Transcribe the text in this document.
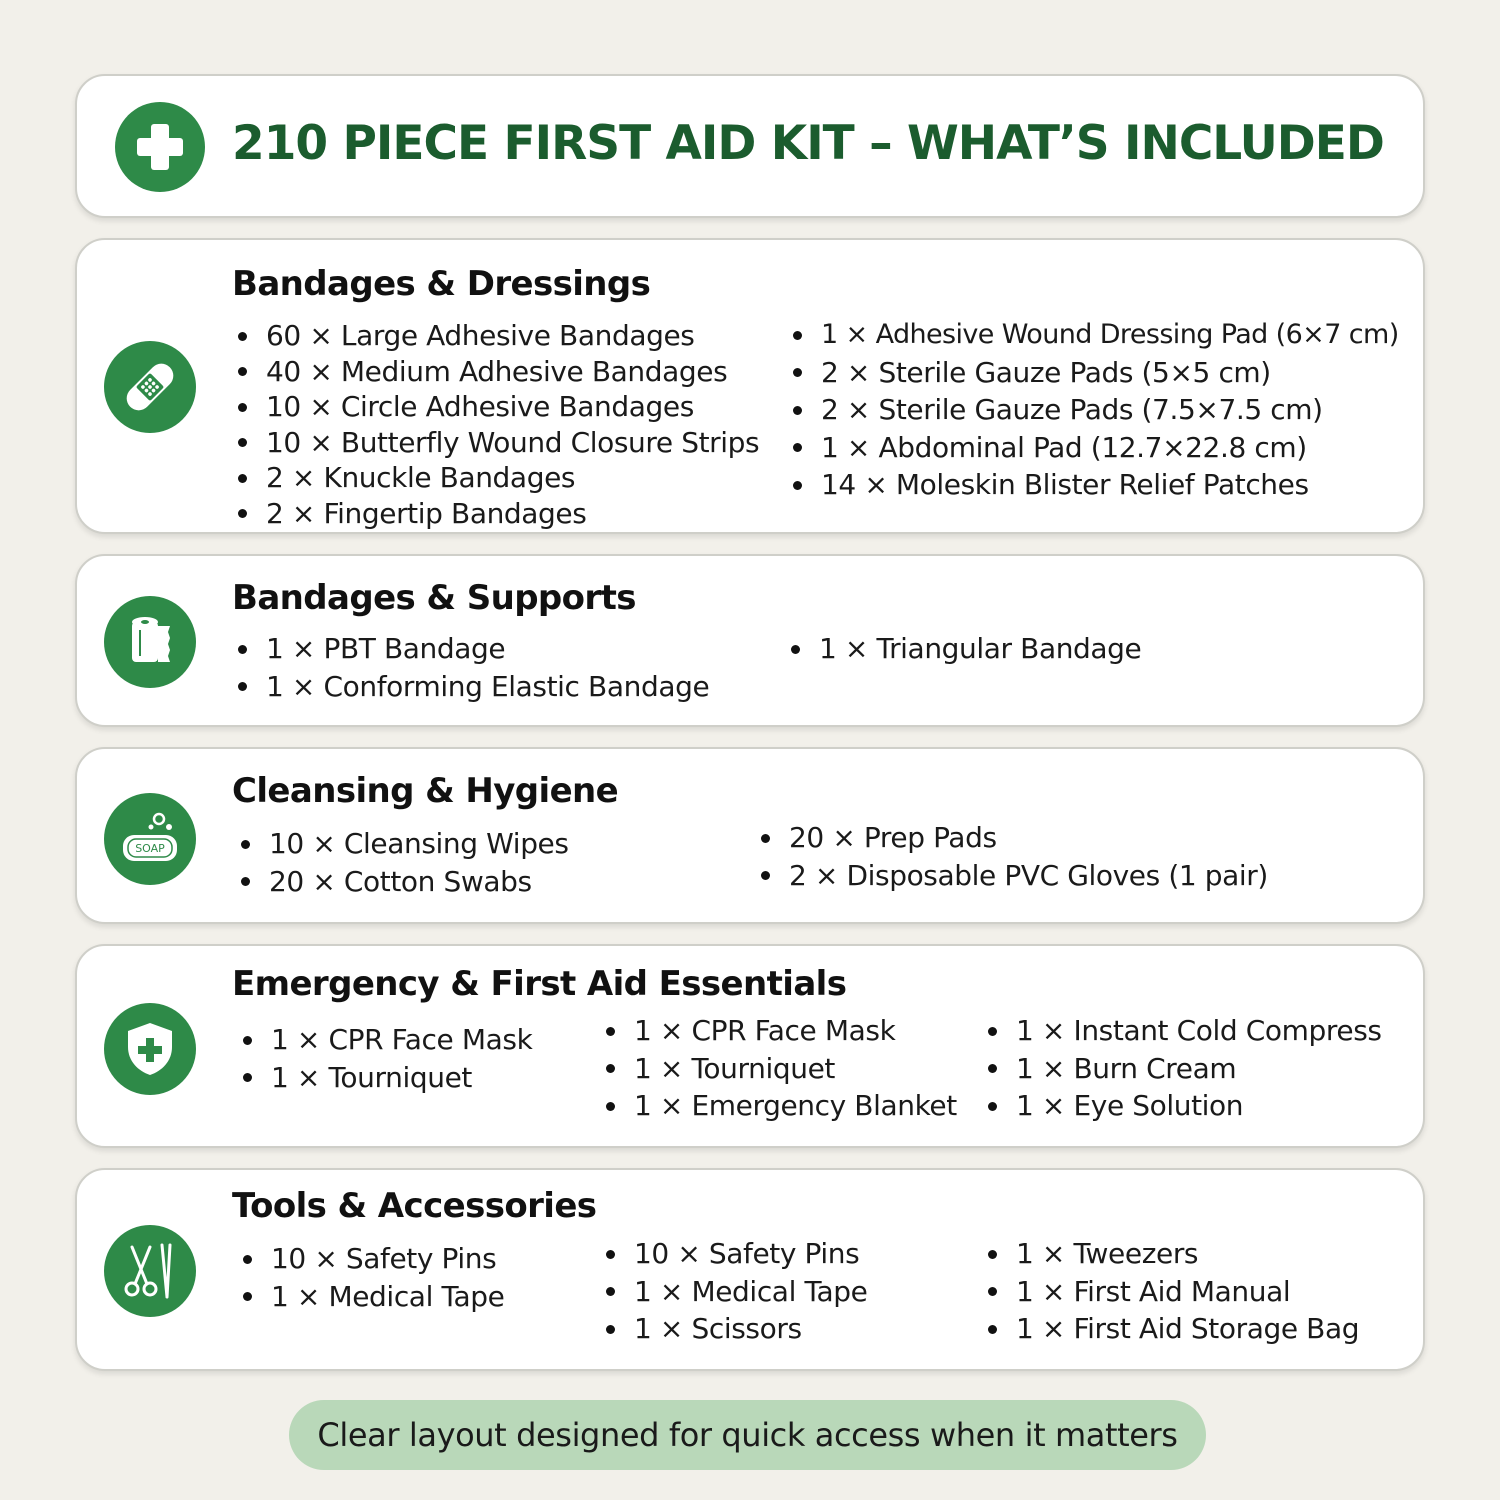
210 PIECE FIRST AID KIT – WHAT’S INCLUDED
Bandages & Dressings
60 × Large Adhesive Bandages
40 × Medium Adhesive Bandages
10 × Circle Adhesive Bandages
10 × Butterfly Wound Closure Strips
2 × Knuckle Bandages
2 × Fingertip Bandages
1 × Adhesive Wound Dressing Pad (6×7 cm)
2 × Sterile Gauze Pads (5×5 cm)
2 × Sterile Gauze Pads (7.5×7.5 cm)
1 × Abdominal Pad (12.7×22.8 cm)
14 × Moleskin Blister Relief Patches
Bandages & Supports
1 × PBT Bandage
1 × Conforming Elastic Bandage
1 × Triangular Bandage
SOAP
Cleansing & Hygiene
10 × Cleansing Wipes
20 × Cotton Swabs
20 × Prep Pads
2 × Disposable PVC Gloves (1 pair)
Emergency & First Aid Essentials
1 × CPR Face Mask
1 × Tourniquet
1 × CPR Face Mask
1 × Tourniquet
1 × Emergency Blanket
1 × Instant Cold Compress
1 × Burn Cream
1 × Eye Solution
Tools & Accessories
10 × Safety Pins
1 × Medical Tape
10 × Safety Pins
1 × Medical Tape
1 × Scissors
1 × Tweezers
1 × First Aid Manual
1 × First Aid Storage Bag
Clear layout designed for quick access when it matters
